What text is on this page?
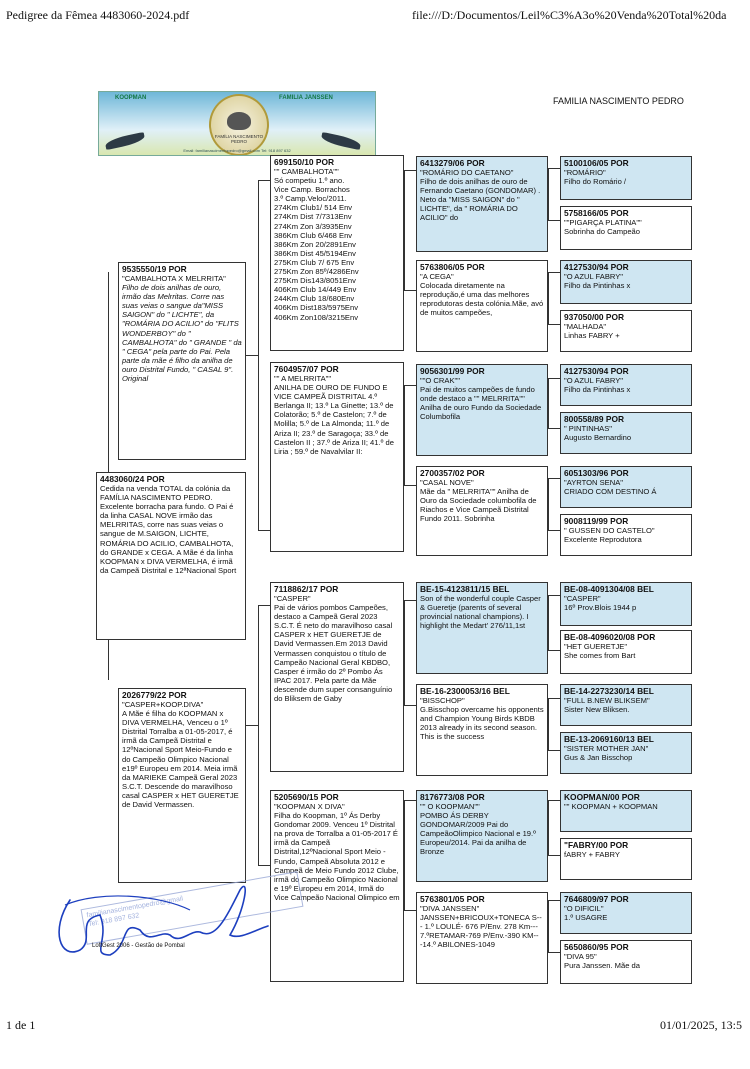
Pedigree da Fêmea 4483060-2024.pdf	file:///D:/Documentos/Leil%C3%A3o%20Venda%20Total%20da
1 de 1	01/01/2025, 13:5
KOOPMAN	FAMILIA JANSSEN
FAMÍLIA NASCIMENTO PEDRO
Email: familianascimentopedro@gmail.com Tel: 918 897 632
FAMILIA NASCIMENTO PEDRO
4483060/24 POR
Cedida na venda TOTAL da colónia da FAMÍLIA NASCIMENTO PEDRO. Excelente borracha para fundo. O Pai é da linha CASAL NOVE irmão das MELRRITAS, corre nas suas veias o sangue de M.SAIGON, LICHTE, ROMÁRIA DO ACILIO, CAMBALHOTA, do GRANDE x CEGA. A Mãe é da linha KOOPMAN x DIVA VERMELHA, é irmã da Campeã Distrital e 12ªNacional Sport
9535550/19 POR
"CAMBALHOTA X MELRRITA"
Filho de dois anilhas de ouro, irmão das Melrritas. Corre nas suas veias o sangue da"MISS SAIGON" do " LICHTE", da "ROMÁRIA DO ACILIO" do "FLITS WONDERBOY" do " CAMBALHOTA" do " GRANDE " da " CEGA" pela parte do Pai. Pela parte da mãe é filho da anilha de ouro Distrital Fundo, " CASAL 9". Original
2026779/22 POR
"CASPER+KOOP.DIVA"
A Mãe é filha do KOOPMAN x DIVA VERMELHA, Venceu o 1º Distrital Torralba a 01-05-2017, é irmã da Campeã Distrital e 12ºNacional Sport Meio-Fundo e do Campeão Olimpico Nacional e19º Europeu em 2014. Meia irmã da MARIEKE Campeã Geral 2023 S.C.T. Descende do maravilhoso casal CASPER x HET GUERETJE de David Vermassen.
699150/10 POR
"" CAMBALHOTA""
Só competiu 1.º ano.
Vice Camp. Borrachos
3.º Camp.Veloc/2011.
274Km Club1/ 514 Env
274Km Dist 7/7313Env
274Km Zon 3/3935Env
386Km Club 6/468 Env
386Km Zon 20/2891Env
386Km Dist 45/5194Env
275Km Club 7/ 675 Env
275Km Zon 85º/4286Env
275Km Dis143/8051Env
406Km Club 14/449 Env
244Km Club 18/680Env
406Km Dist183/5975Env
406Km Zon108/3215Env
7604957/07 POR
"" A MELRRITA""
ANILHA DE OURO DE FUNDO E VICE CAMPEÃ DISTRITAL 4.º Berlanga II; 13.º La Ginette; 13.º de Colatorão; 5.º de Castelon; 7.º de Molilla; 5.º de La Almonda; 11.º de Ariza II; 23.º de Saragoça; 33.º de Castelon II ; 37.º de Ariza II; 41.º de Liria ; 59.º de Navalvilar II:
7118862/17 POR
"CASPER"
Pai de vários pombos Campeões, destaco a Campeã Geral 2023 S.C.T. É neto do maravilhoso casal CASPER x HET GUERETJE de David Vermassen.Em 2013 David Vermassen conquistou o título de Campeão Nacional Geral KBDBO, Casper é irmão do 2º Pombo Ás IPAC 2017. Pela parte da Mãe descende dum super consanguínio do Bliksem de Gaby
5205690/15 POR
"KOOPMAN X DIVA"
Filha do Koopman, 1º Ás Derby Gondomar 2009. Venceu 1º Distrital na prova de Torralba a 01-05-2017 É irmã da Campeã Distrital,12ºNacional Sport Meio -Fundo, Campeã Absoluta 2012 e Campeã de Meio Fundo 2012 Clube, irmã do Campeão Olimpico Nacional e 19º Europeu em 2014, Irmã do Vice Campeão Nacional Olimpico em
6413279/06 POR
"ROMÁRIO DO CAETANO"
Filho de dois anilhas de ouro de Fernando Caetano (GONDOMAR) . Neto da "MISS SAIGON" do " LICHTE", da " ROMÁRIA DO ACILIO" do
5763806/05 POR
"A CEGA"
Colocada diretamente na reprodução,é uma das melhores reprodutoras desta colónia.Mãe, avó de muitos campeões,
9056301/99 POR
""O CRAK""
Pai de muitos campeões de fundo onde destaco a "" MELRRITA"" Anilha de ouro Fundo da Sociedade Columbofila
2700357/02 POR
"CASAL NOVE"
Mãe da " MELRRITA"" Anilha de Ouro da Sociedade columbofila de Riachos e Vice Campeã Distrital Fundo 2011. Sobrinha
BE-15-4123811/15 BEL
Son of the wonderful couple Casper & Gueretje (parents of several provincial national champions). I highlight the Medart' 276/11,1st
BE-16-2300053/16 BEL
"BISSCHOP"
G.Bisschop overcame his opponents and Champion Young Birds KBDB 2013 already in its second season. This is the success
8176773/08 POR
"" O KOOPMAN""
POMBO ÁS DERBY GONDOMAR/2009 Pai do CampeãoOlimpico Nacional e 19.º Europeu/2014. Pai da anilha de Bronze
5763801/05 POR
"DIVA JANSSEN"
JANSSEN+BRICOUX+TONECA S--- 1.º LOULÉ- 676 P/Env. 278 Km--- 7.ºRETAMAR-769 P/Env.-390 KM---14.º ABILONES-1049
5100106/05 POR
"ROMÁRIO"
Filho do Romário /
5758166/05 POR
""PIGARÇA PLATINA""
Sobrinha do Campeão
4127530/94 POR
"O AZUL FABRY"
Filho da Pintinhas x
937050/00 POR
"MALHADA"
Linhas FABRY +
4127530/94 POR
"O AZUL FABRY"
Filho da Pintinhas x
800558/89 POR
" PINTINHAS"
Augusto Bernardino
6051303/96 POR
"AYRTON SENA"
CRIADO COM DESTINO Á
9008119/99 POR
" GUSSEN DO CASTELO"
Excelente Reprodutora
BE-08-4091304/08 BEL
"CASPER"
16º Prov.Blois 1944 p
BE-08-4096020/08 POR
"HET GUERETJE"
She comes from Bart
BE-14-2273230/14 BEL
"FULL B.NEW BLIKSEM"
Sister New Bliksen.
BE-13-2069160/13 BEL
"SISTER MOTHER JAN"
Gus & Jan Bisschop
KOOPMAN/00 POR
"" KOOPMAN + KOOPMAN
"FABRY/00 POR
fABRY + FABRY
7646809/97 POR
"O DIFICIL"
1.º USAGRE
5650860/95 POR
"DIVA 95"
Pura Janssen. Mãe da
familianascimentopedro@gmail
Tel: 918 897 632
LoftGest 2006 - Gestão de Pombal
